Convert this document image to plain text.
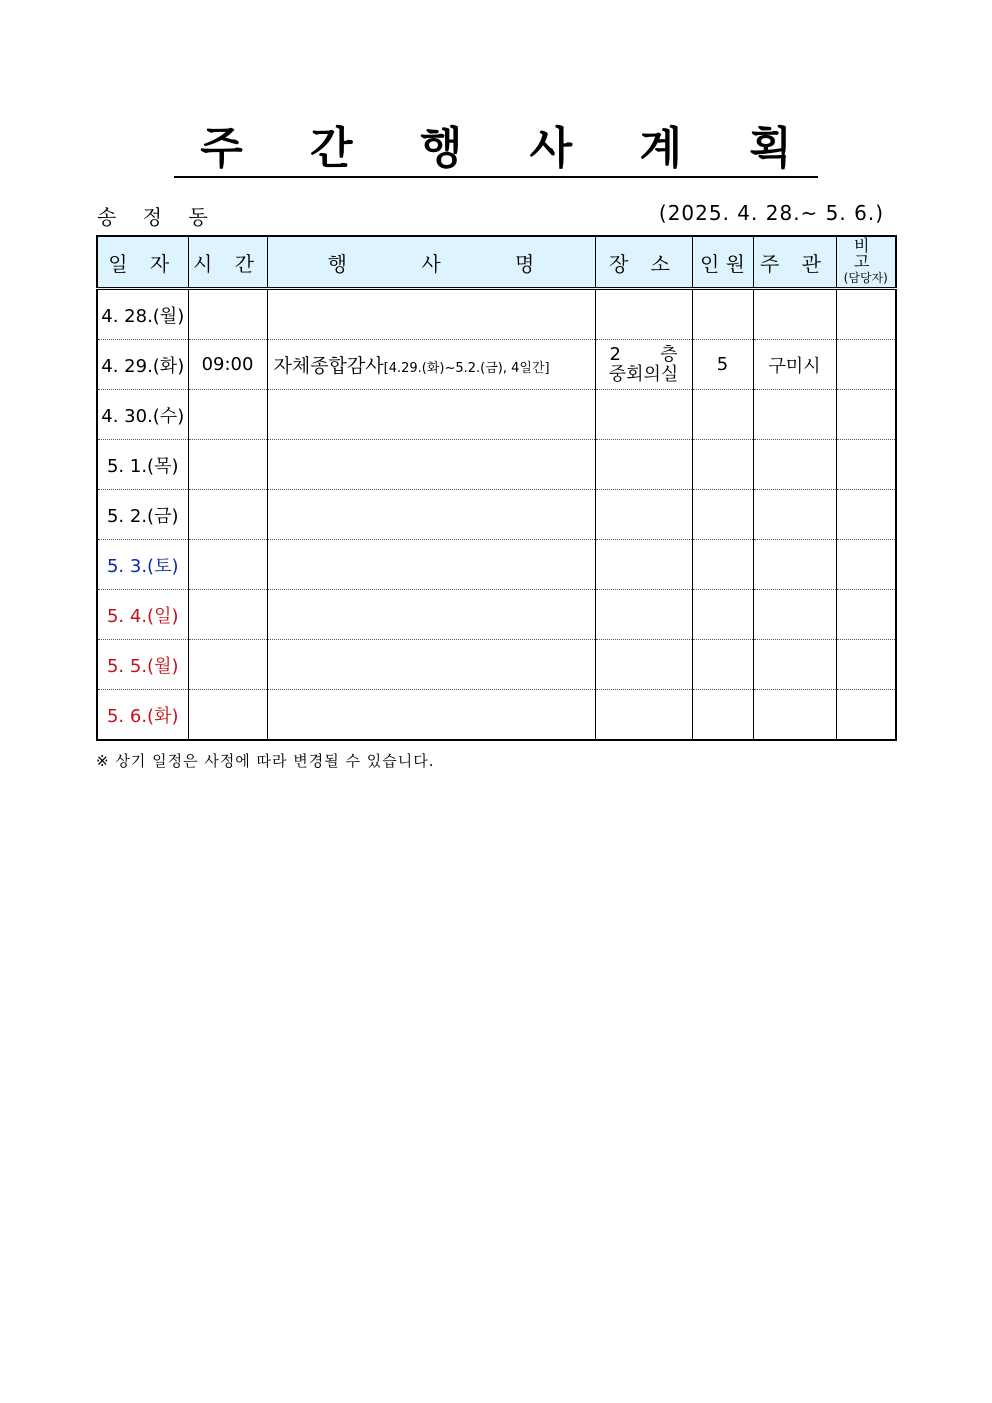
주 간 행 사 계 획
송 정 동	(2025. 4. 28.~ 5. 6.)
일 자	시 간	행 사 명	장 소	인 원	주 관	비 고
(담당자)

4. 28.(월)			

4. 29.(화)	09:00	자체종합감사[4.29.(화)~5.2.(금), 4일간]	2 층
중회의실	5	구미시	
4. 30.(수)			

5. 1.(목)			

5. 2.(금)			

5. 3.(토)			

5. 4.(일)			

5. 5.(월)			

5. 6.(화)			

※ 상기 일정은 사정에 따라 변경될 수 있습니다.
